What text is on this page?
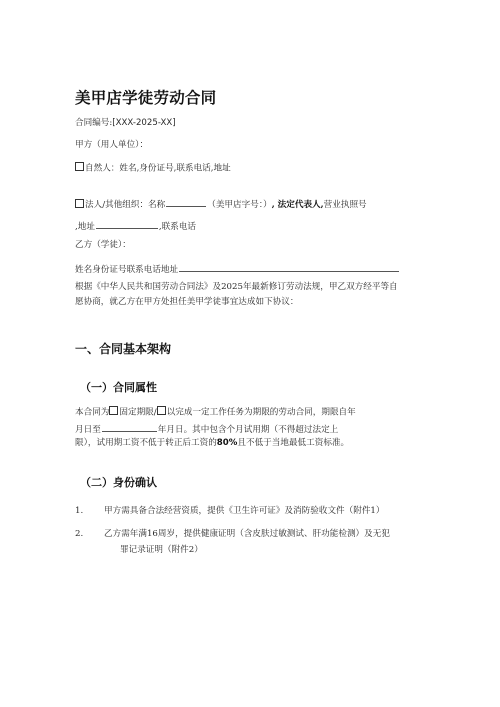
美甲店学徒劳动合同
合同编号:[XXX-2025-XX]
甲方（用人单位）：
自然人：姓名,身份证号,联系电话,地址
法人/其他组织：名称	（美甲店字号：）, 法定代表人,营业执照号
,地址	,联系电话
乙方（学徒）：
姓名身份证号联系电话地址
根据《中华人民共和国劳动合同法》及2025年最新修订劳动法规，甲乙双方经平等自
愿协商，就乙方在甲方处担任美甲学徒事宜达成如下协议：
一、合同基本架构
（一）合同属性
本合同为 固定期限/ 以完成一定工作任务为期限的劳动合同，期限自年
月日至	年月日。其中包含个月试用期（不得超过法定上
限），试用期工资不低于转正后工资的80%且不低于当地最低工资标准。
（二）身份确认
1. 甲方需具备合法经营资质，提供《卫生许可证》及消防验收文件（附件1）
2. 乙方需年满16周岁，提供健康证明（含皮肤过敏测试、肝功能检测）及无犯
罪记录证明（附件2）
